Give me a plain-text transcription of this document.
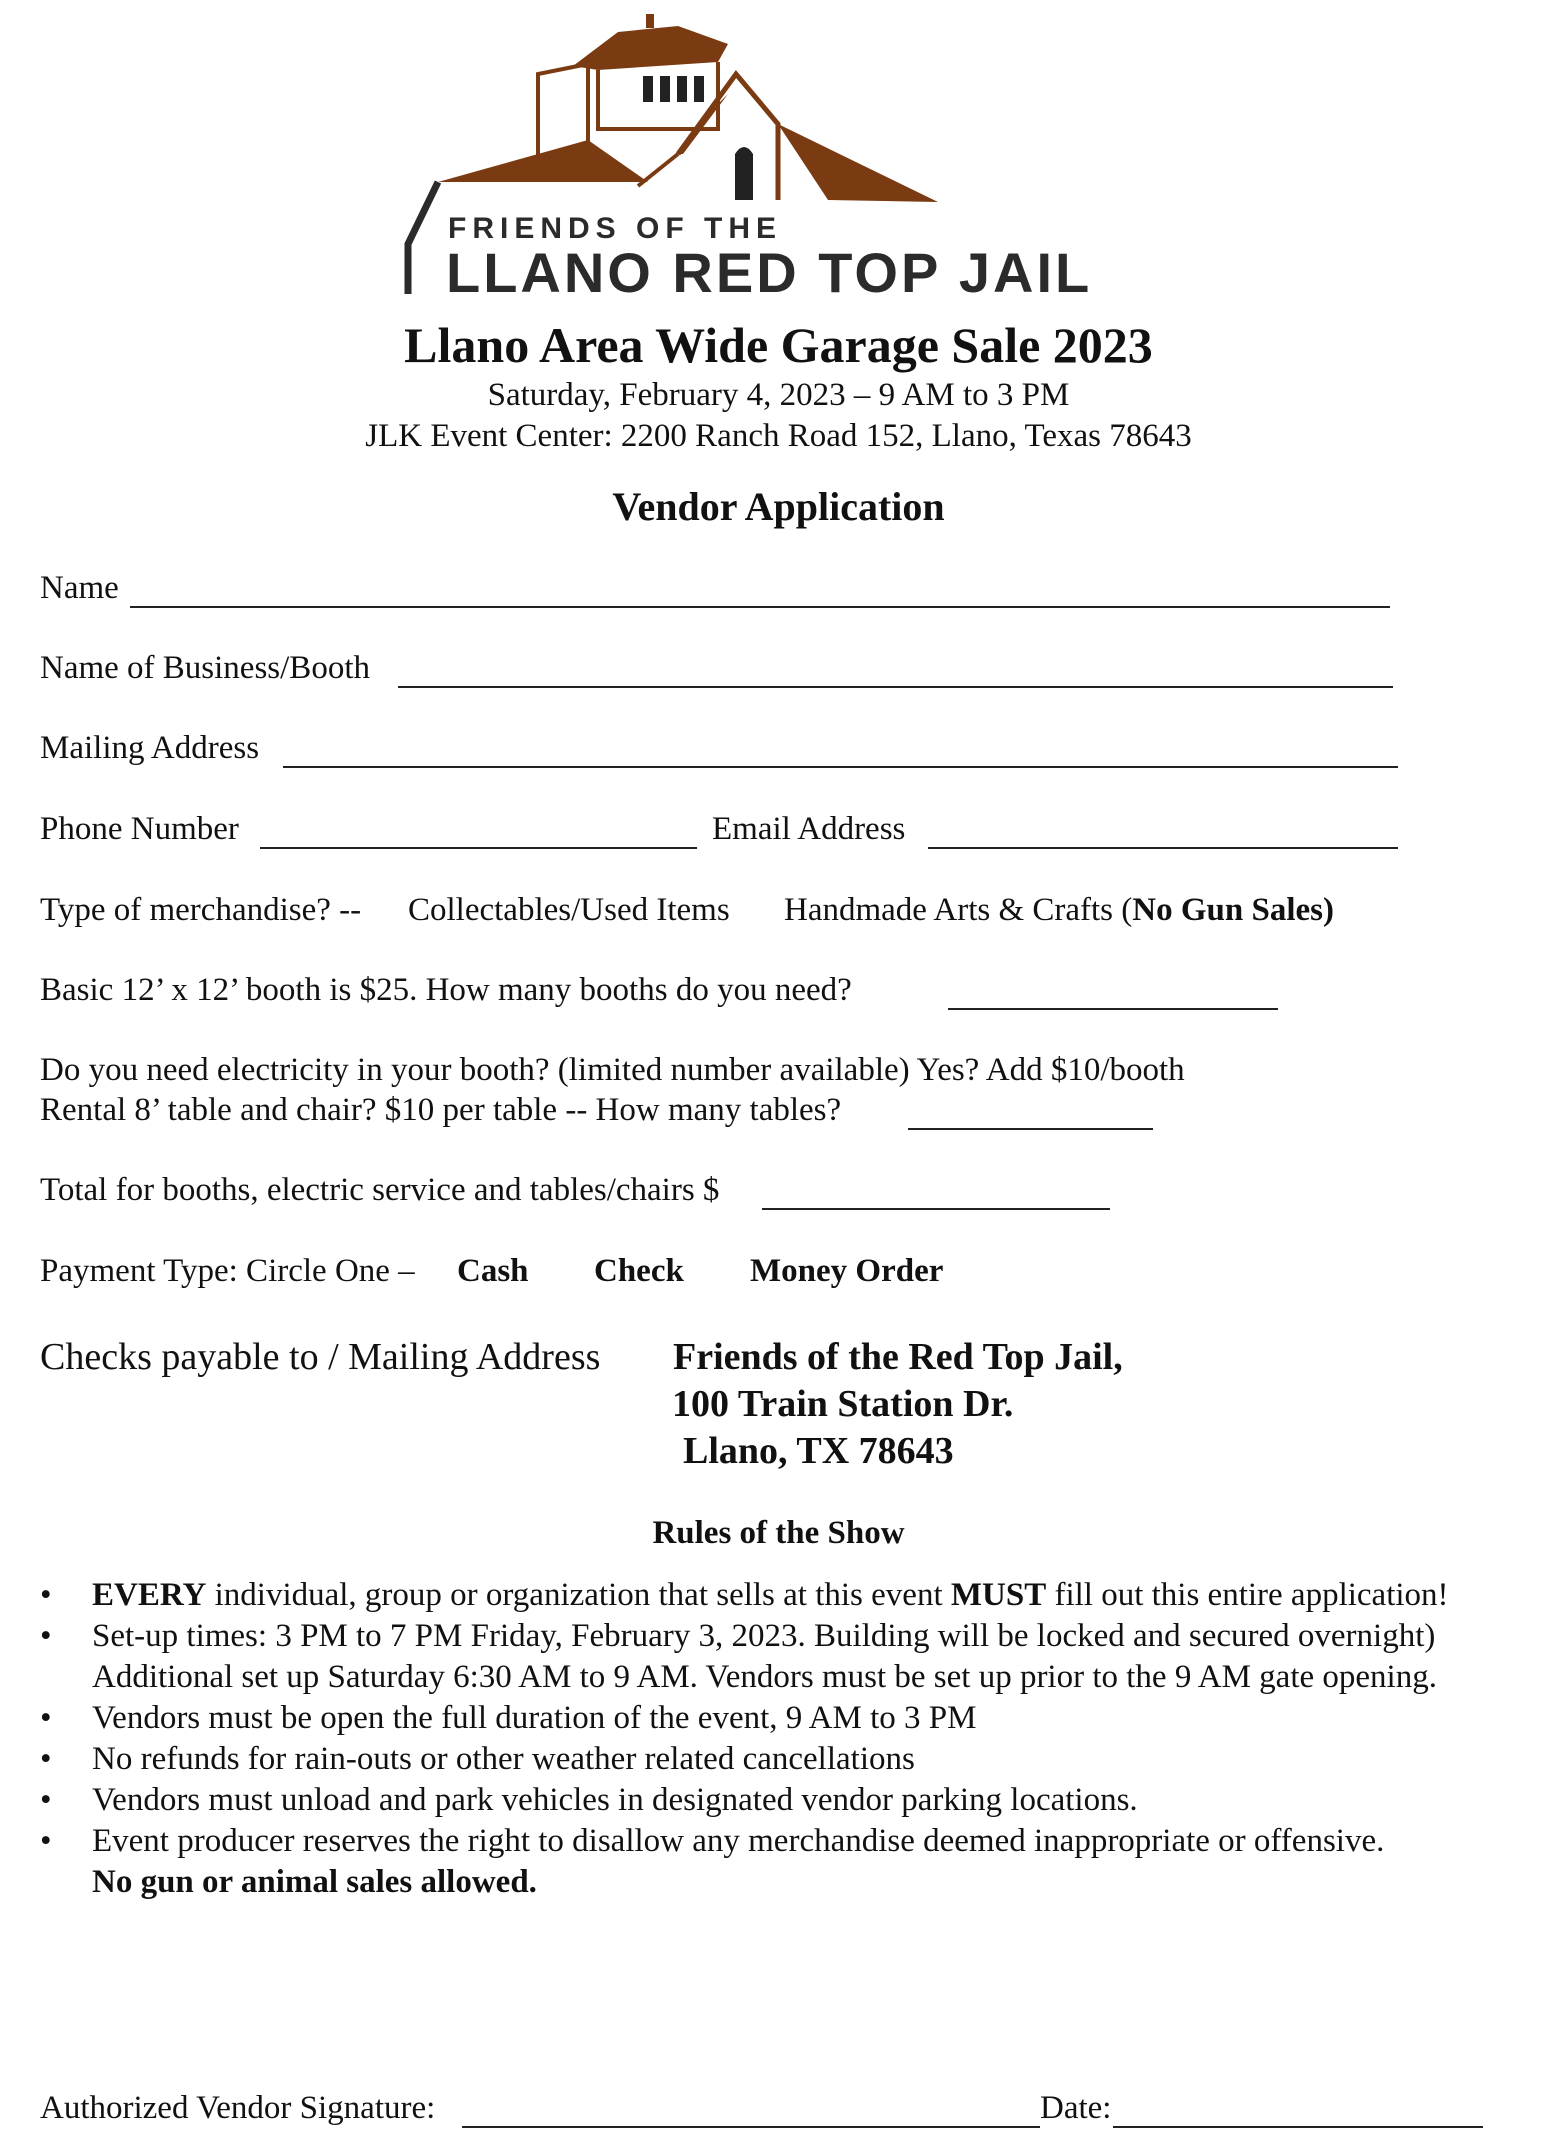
FRIENDS OF THE
LLANO RED TOP JAIL
Llano Area Wide Garage Sale 2023
Saturday, February 4, 2023 – 9 AM to 3 PM
JLK Event Center: 2200 Ranch Road 152, Llano, Texas 78643
Vendor Application
Name
Name of Business/Booth
Mailing Address
Phone Number	Email Address
Type of merchandise? -- Collectables/Used Items Handmade Arts & Crafts (No Gun Sales)
Basic 12’ x 12’ booth is $25. How many booths do you need?
Do you need electricity in your booth? (limited number available) Yes? Add $10/booth
Rental 8’ table and chair? $10 per table -- How many tables?
Total for booths, electric service and tables/chairs $
Payment Type: Circle One – Cash Check Money Order
Checks payable to / Mailing Address Friends of the Red Top Jail,
100 Train Station Dr.
Llano, TX 78643
Rules of the Show
• EVERY individual, group or organization that sells at this event MUST fill out this entire application!
• Set-up times: 3 PM to 7 PM Friday, February 3, 2023. Building will be locked and secured overnight) Additional set up Saturday 6:30 AM to 9 AM. Vendors must be set up prior to the 9 AM gate opening.
• Vendors must be open the full duration of the event, 9 AM to 3 PM
• No refunds for rain-outs or other weather related cancellations
• Vendors must unload and park vehicles in designated vendor parking locations.
• Event producer reserves the right to disallow any merchandise deemed inappropriate or offensive.
No gun or animal sales allowed.
Authorized Vendor Signature:	Date:
